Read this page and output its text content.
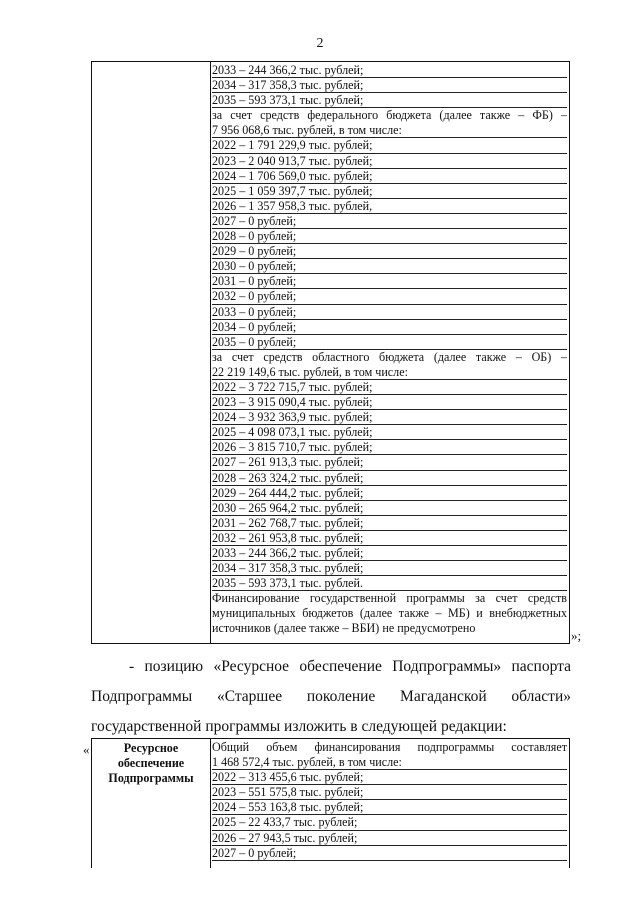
2
2033 – 244 366,2 тыс. рублей;
2034 – 317 358,3 тыс. рублей;
2035 – 593 373,1 тыс. рублей;
за счет средств федерального бюджета (далее также – ФБ) –
7 956 068,6 тыс. рублей, в том числе:
2022 – 1 791 229,9 тыс. рублей;
2023 – 2 040 913,7 тыс. рублей;
2024 – 1 706 569,0 тыс. рублей;
2025 – 1 059 397,7 тыс. рублей;
2026 – 1 357 958,3 тыс. рублей,
2027 – 0 рублей;
2028 – 0 рублей;
2029 – 0 рублей;
2030 – 0 рублей;
2031 – 0 рублей;
2032 – 0 рублей;
2033 – 0 рублей;
2034 – 0 рублей;
2035 – 0 рублей;
за счет средств областного бюджета (далее также – ОБ) –
22 219 149,6 тыс. рублей, в том числе:
2022 – 3 722 715,7 тыс. рублей;
2023 – 3 915 090,4 тыс. рублей;
2024 – 3 932 363,9 тыс. рублей;
2025 – 4 098 073,1 тыс. рублей;
2026 – 3 815 710,7 тыс. рублей;
2027 – 261 913,3 тыс. рублей;
2028 – 263 324,2 тыс. рублей;
2029 – 264 444,2 тыс. рублей;
2030 – 265 964,2 тыс. рублей;
2031 – 262 768,7 тыс. рублей;
2032 – 261 953,8 тыс. рублей;
2033 – 244 366,2 тыс. рублей;
2034 – 317 358,3 тыс. рублей;
2035 – 593 373,1 тыс. рублей.
Финансирование государственной программы за счет средств
муниципальных бюджетов (далее также – МБ) и внебюджетных
источников (далее также – ВБИ) не предусмотрено	»;
- позицию «Ресурсное обеспечение Подпрограммы» паспорта
Подпрограммы «Старшее поколение Магаданской области»
государственной программы изложить в следующей редакции:
«	Ресурсное обеспечение Подпрограммы
Общий объем финансирования подпрограммы составляет
1 468 572,4 тыс. рублей, в том числе:
2022 – 313 455,6 тыс. рублей;
2023 – 551 575,8 тыс. рублей;
2024 – 553 163,8 тыс. рублей;
2025 – 22 433,7 тыс. рублей;
2026 – 27 943,5 тыс. рублей;
2027 – 0 рублей;
